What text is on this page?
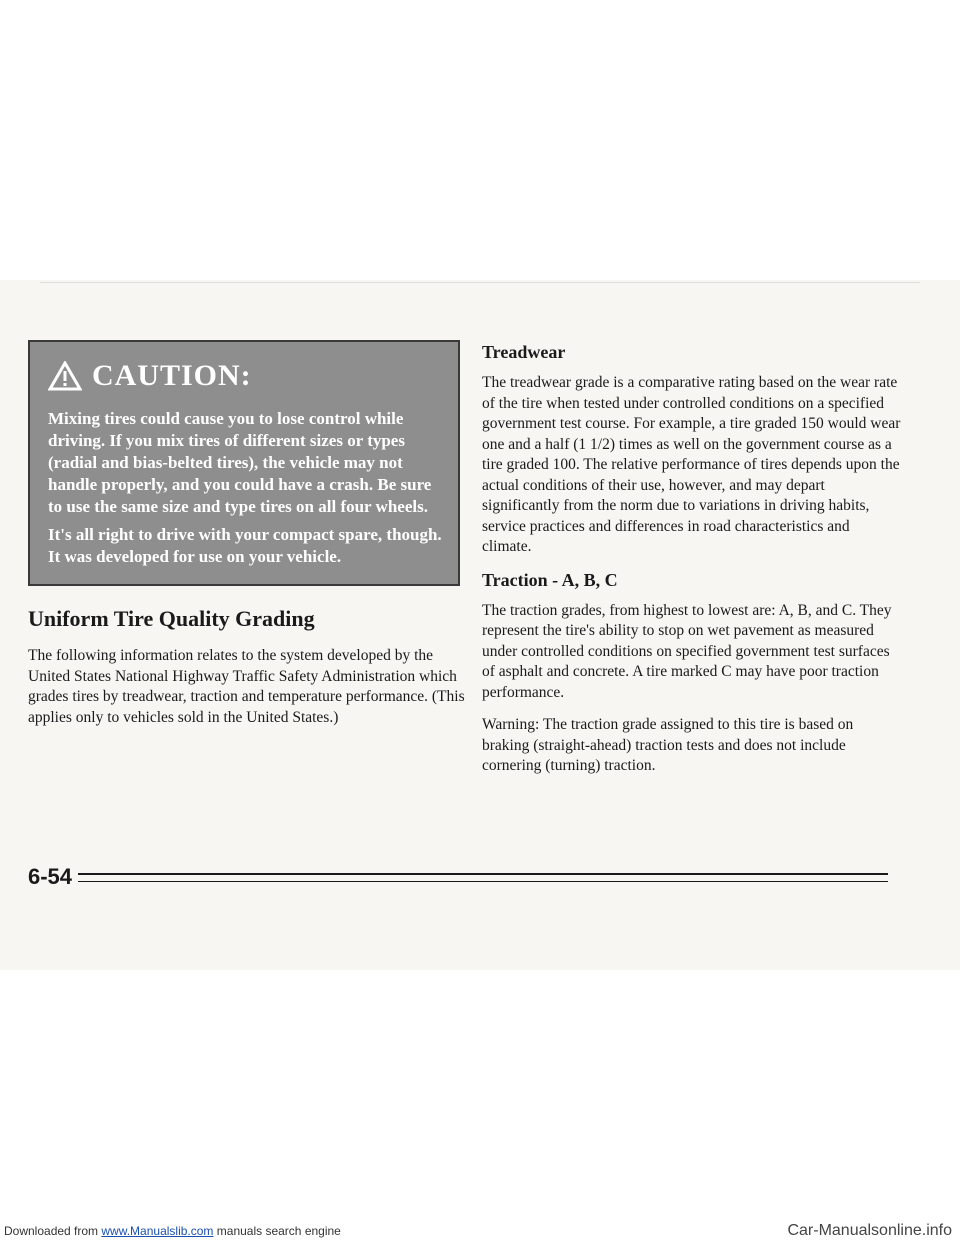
CAUTION:

Mixing tires could cause you to lose control while driving. If you mix tires of different sizes or types (radial and bias-belted tires), the vehicle may not handle properly, and you could have a crash. Be sure to use the same size and type tires on all four wheels.

It's all right to drive with your compact spare, though. It was developed for use on your vehicle.

Uniform Tire Quality Grading

The following information relates to the system developed by the United States National Highway Traffic Safety Administration which grades tires by treadwear, traction and temperature performance. (This applies only to vehicles sold in the United States.)

Treadwear

The treadwear grade is a comparative rating based on the wear rate of the tire when tested under controlled conditions on a specified government test course. For example, a tire graded 150 would wear one and a half (1 1/2) times as well on the government course as a tire graded 100. The relative performance of tires depends upon the actual conditions of their use, however, and may depart significantly from the norm due to variations in driving habits, service practices and differences in road characteristics and climate.

Traction - A, B, C

The traction grades, from highest to lowest are: A, B, and C. They represent the tire's ability to stop on wet pavement as measured under controlled conditions on specified government test surfaces of asphalt and concrete. A tire marked C may have poor traction performance.

Warning: The traction grade assigned to this tire is based on braking (straight-ahead) traction tests and does not include cornering (turning) traction.

6-54
Downloaded from www.Manualslib.com manuals search engine	Car-Manualsonline.info
